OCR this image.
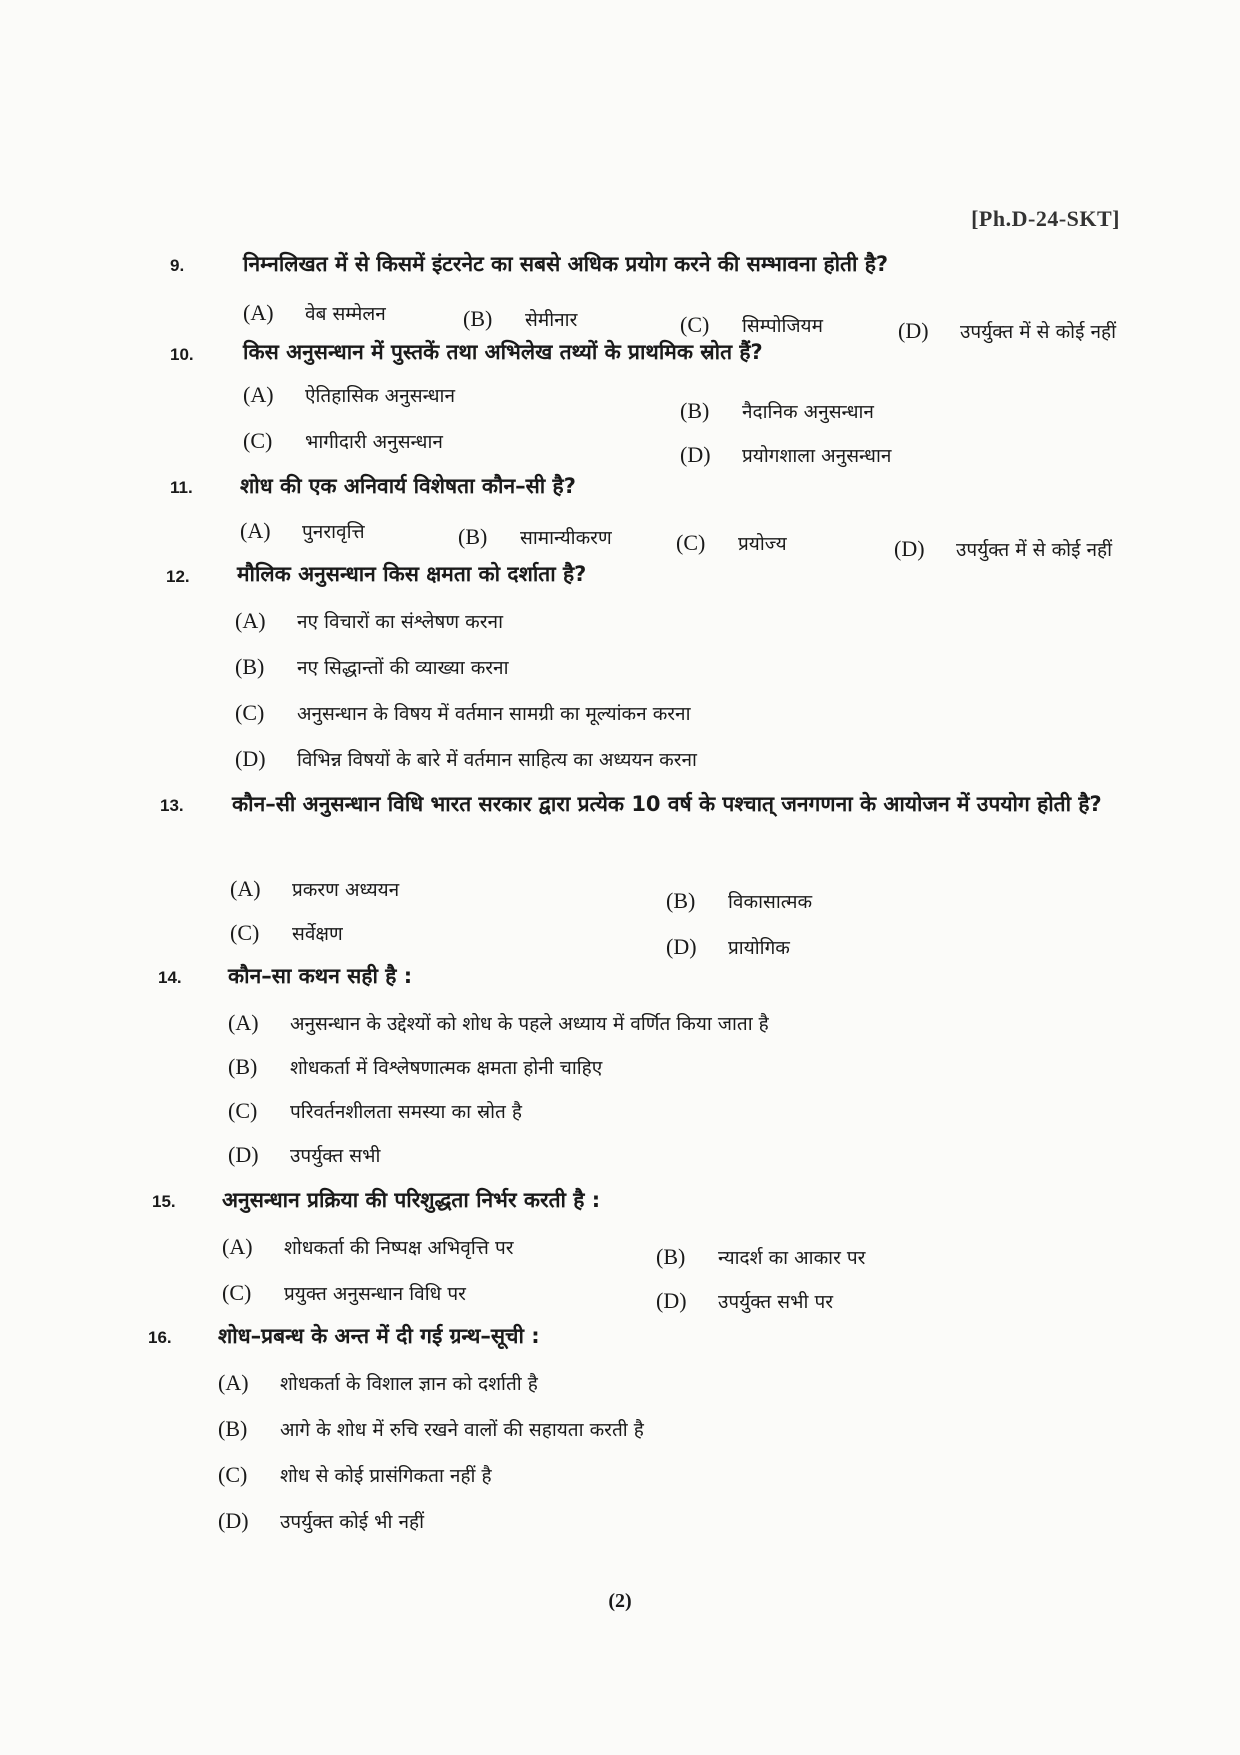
[Ph.D-24-SKT]
9.	निम्नलिखत में से किसमें इंटरनेट का सबसे अधिक प्रयोग करने की सम्भावना होती है?
(A) वेब सम्मेलन	(B) सेमीनार	(C) सिम्पोजियम	(D) उपर्युक्त में से कोई नहीं
10. किस अनुसन्धान में पुस्तकें तथा अभिलेख तथ्यों के प्राथमिक स्रोत हैं?
(A) ऐतिहासिक अनुसन्धान
(B) नैदानिक अनुसन्धान
(C) भागीदारी अनुसन्धान	(D) प्रयोगशाला अनुसन्धान
11. शोध की एक अनिवार्य विशेषता कौन–सी है?
(A) पुनरावृत्ति	(B) सामान्यीकरण	(C) प्रयोज्य	(D) उपर्युक्त में से कोई नहीं
12. मौलिक अनुसन्धान किस क्षमता को दर्शाता है?
(A) नए विचारों का संश्लेषण करना
(B) नए सिद्धान्तों की व्याख्या करना
(C) अनुसन्धान के विषय में वर्तमान सामग्री का मूल्यांकन करना
(D) विभिन्न विषयों के बारे में वर्तमान साहित्य का अध्ययन करना
13. कौन–सी अनुसन्धान विधि भारत सरकार द्वारा प्रत्येक 10 वर्ष के पश्चात् जनगणना के आयोजन में उपयोग होती है?
(A) प्रकरण अध्ययन	(B) विकासात्मक
(C) सर्वेक्षण	(D) प्रायोगिक
14. कौन–सा कथन सही है :
(A) अनुसन्धान के उद्देश्यों को शोध के पहले अध्याय में वर्णित किया जाता है
(B) शोधकर्ता में विश्लेषणात्मक क्षमता होनी चाहिए
(C) परिवर्तनशीलता समस्या का स्रोत है
(D) उपर्युक्त सभी
15. अनुसन्धान प्रक्रिया की परिशुद्धता निर्भर करती है :
(A) शोधकर्ता की निष्पक्ष अभिवृत्ति पर	(B) न्यादर्श का आकार पर
(C) प्रयुक्त अनुसन्धान विधि पर	(D) उपर्युक्त सभी पर
16. शोध–प्रबन्ध के अन्त में दी गई ग्रन्थ–सूची :
(A) शोधकर्ता के विशाल ज्ञान को दर्शाती है
(B) आगे के शोध में रुचि रखने वालों की सहायता करती है
(C) शोध से कोई प्रासंगिकता नहीं है
(D) उपर्युक्त कोई भी नहीं
(2)
